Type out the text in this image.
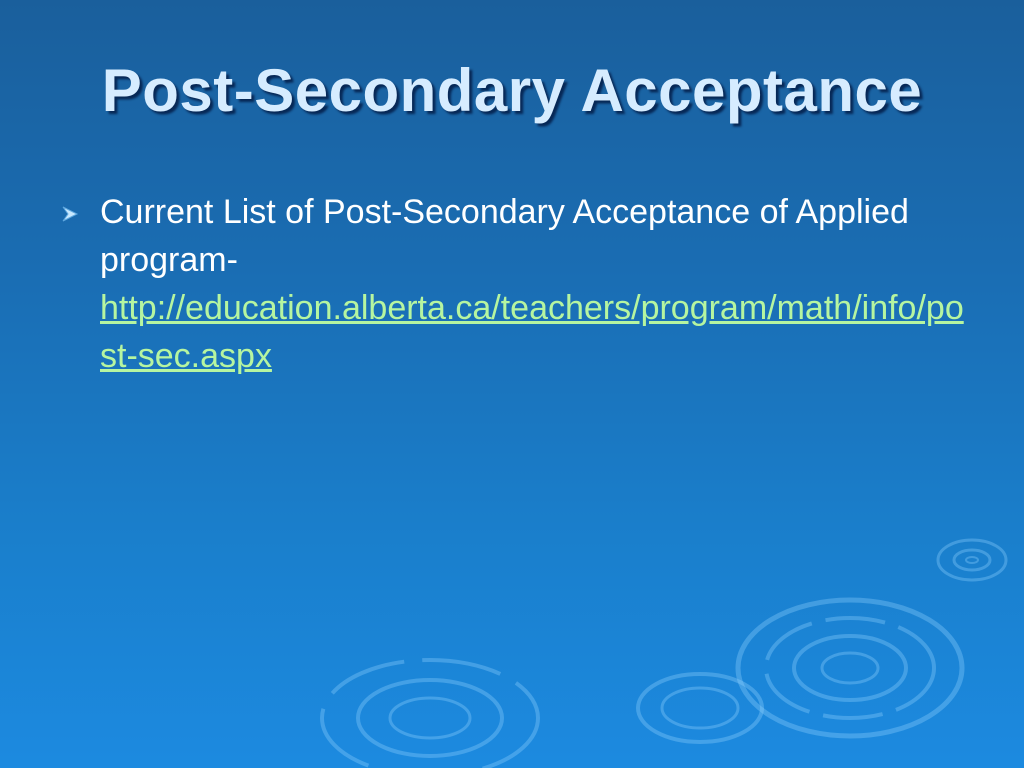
Post-Secondary Acceptance
Current List of Post-Secondary Acceptance of Applied program-
http://education.alberta.ca/teachers/program/math/info/post-sec.aspx
